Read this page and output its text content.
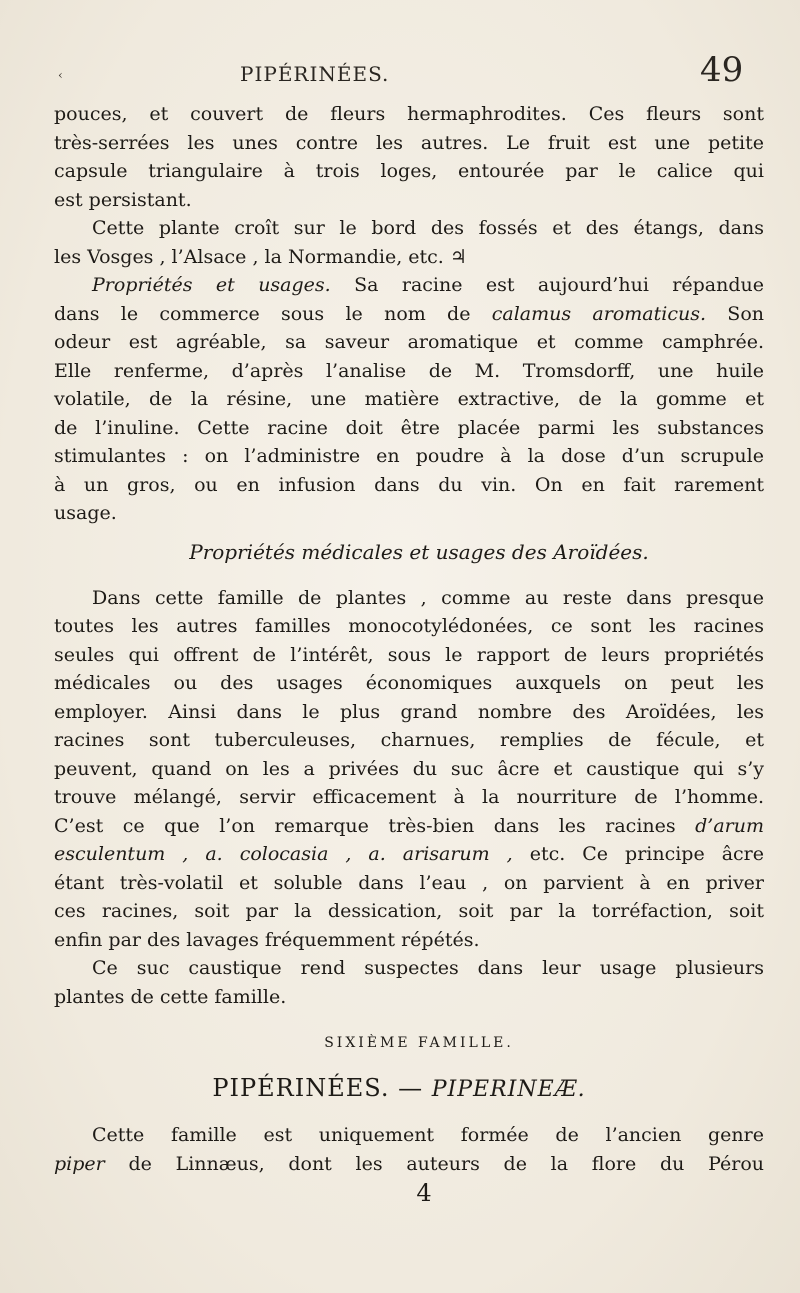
‹	PIPÉRINÉES.	49
pouces, et couvert de fleurs hermaphrodites. Ces fleurs sont
très-serrées les unes contre les autres. Le fruit est une petite
capsule triangulaire à trois loges, entourée par le calice qui
est persistant.
Cette plante croît sur le bord des fossés et des étangs, dans
les Vosges , l’Alsace , la Normandie, etc. ♃
Propriétés et usages. Sa racine est aujourd’hui répandue
dans le commerce sous le nom de calamus aromaticus. Son
odeur est agréable, sa saveur aromatique et comme camphrée.
Elle renferme, d’après l’analise de M. Tromsdorff, une huile
volatile, de la résine, une matière extractive, de la gomme et
de l’inuline. Cette racine doit être placée parmi les substances
stimulantes : on l’administre en poudre à la dose d’un scrupule
à un gros, ou en infusion dans du vin. On en fait rarement
usage.
Propriétés médicales et usages des Aroïdées.
Dans cette famille de plantes , comme au reste dans presque
toutes les autres familles monocotylédonées, ce sont les racines
seules qui offrent de l’intérêt, sous le rapport de leurs propriétés
médicales ou des usages économiques auxquels on peut les
employer. Ainsi dans le plus grand nombre des Aroïdées, les
racines sont tuberculeuses, charnues, remplies de fécule, et
peuvent, quand on les a privées du suc âcre et caustique qui s’y
trouve mélangé, servir efficacement à la nourriture de l’homme.
C’est ce que l’on remarque très-bien dans les racines d’arum
esculentum , a. colocasia , a. arisarum , etc. Ce principe âcre
étant très-volatil et soluble dans l’eau , on parvient à en priver
ces racines, soit par la dessication, soit par la torréfaction, soit
enfin par des lavages fréquemment répétés.
Ce suc caustique rend suspectes dans leur usage plusieurs
plantes de cette famille.
SIXIÈME FAMILLE.
PIPÉRINÉES. — PIPERINEÆ.
Cette famille est uniquement formée de l’ancien genre
piper de Linnæus, dont les auteurs de la flore du Pérou
4
